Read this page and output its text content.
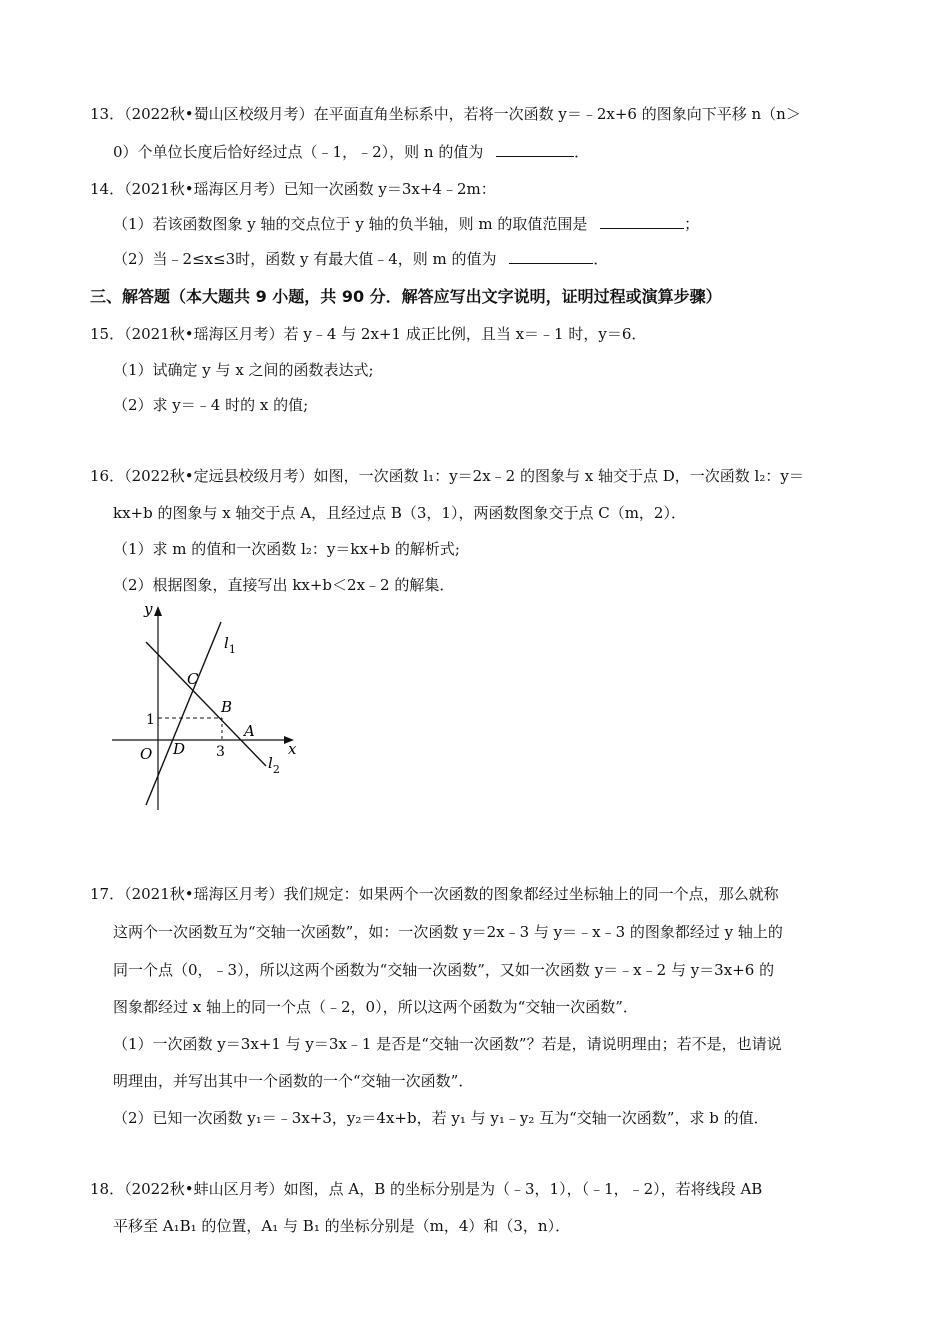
13．（2022秋•蜀山区校级月考）在平面直角坐标系中，若将一次函数 y＝﹣2x+6 的图象向下平移 n（n＞
0）个单位长度后恰好经过点（﹣1，﹣2），则 n 的值为	．
14．（2021秋•瑶海区月考）已知一次函数 y＝3x+4﹣2m：
（1）若该函数图象 y 轴的交点位于 y 轴的负半轴，则 m 的取值范围是	；
（2）当﹣2≤x≤3时，函数 y 有最大值﹣4，则 m 的值为	．
三、解答题（本大题共 9 小题，共 90 分．解答应写出文字说明，证明过程或演算步骤）
15．（2021秋•瑶海区月考）若 y﹣4 与 2x+1 成正比例，且当 x＝﹣1 时，y＝6．
（1）试确定 y 与 x 之间的函数表达式;
（2）求 y＝﹣4 时的 x 的值;
16．（2022秋•定远县校级月考）如图，一次函数 l₁：y＝2x﹣2 的图象与 x 轴交于点 D，一次函数 l₂：y＝
kx+b 的图象与 x 轴交于点 A，且经过点 B（3，1），两函数图象交于点 C（m，2）．
（1）求 m 的值和一次函数 l₂：y＝kx+b 的解析式;
（2）根据图象，直接写出 kx+b＜2x﹣2 的解集．
y
x
O
$l_1$
$l_2$
C
B
A
D
1
3
17．（2021秋•瑶海区月考）我们规定：如果两个一次函数的图象都经过坐标轴上的同一个点，那么就称
这两个一次函数互为“交轴一次函数”，如：一次函数 y＝2x﹣3 与 y＝﹣x﹣3 的图象都经过 y 轴上的
同一个点（0，﹣3），所以这两个函数为“交轴一次函数”，又如一次函数 y＝﹣x﹣2 与 y＝3x+6 的
图象都经过 x 轴上的同一个点（﹣2，0），所以这两个函数为“交轴一次函数”．
（1）一次函数 y＝3x+1 与 y＝3x﹣1 是否是“交轴一次函数”？若是，请说明理由；若不是，也请说
明理由，并写出其中一个函数的一个“交轴一次函数”．
（2）已知一次函数 y₁＝﹣3x+3，y₂＝4x+b，若 y₁ 与 y₁﹣y₂ 互为“交轴一次函数”，求 b 的值．
18．（2022秋•蚌山区月考）如图，点 A，B 的坐标分别是为（﹣3，1），（﹣1，﹣2），若将线段 AB
平移至 A₁B₁ 的位置，A₁ 与 B₁ 的坐标分别是（m，4）和（3，n）．
